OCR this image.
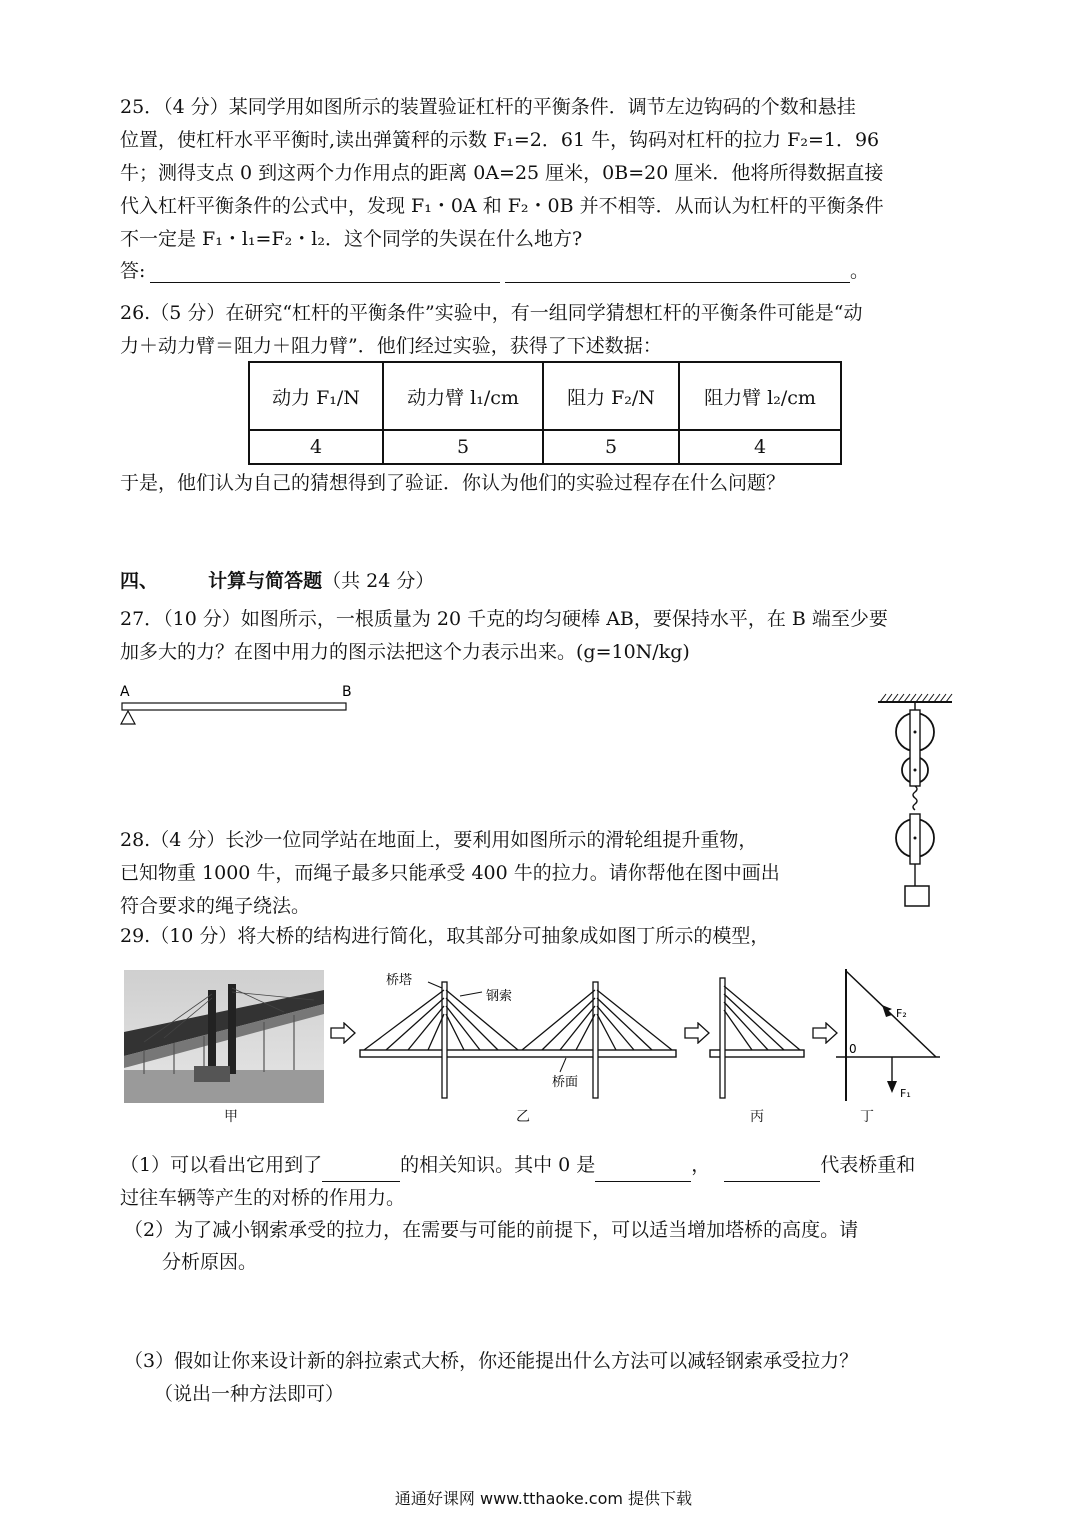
25．（4 分）某同学用如图所示的装置验证杠杆的平衡条件．调节左边钩码的个数和悬挂

位置，使杠杆水平平衡时,读出弹簧秤的示数 F₁=2．61 牛，钩码对杠杆的拉力 F₂=1．96

牛；测得支点 0 到这两个力作用点的距离 0A=25 厘米，0B=20 厘米．他将所得数据直接

代入杠杆平衡条件的公式中，发现 F₁・0A 和 F₂・0B 并不相等．从而认为杠杆的平衡条件

不一定是 F₁・l₁=F₂・l₂．这个同学的失误在什么地方?

答:	。

26.（5 分）在研究“杠杆的平衡条件”实验中，有一组同学猜想杠杆的平衡条件可能是“动

力＋动力臂＝阻力＋阻力臂”．他们经过实验，获得了下述数据：

动力 F₁/N	动力臂 l₁/cm	阻力 F₂/N	阻力臂 l₂/cm
4	5	5	4

于是，他们认为自己的猜想得到了验证．你认为他们的实验过程存在什么问题？

四、	计算与简答题（共 24 分）

27．（10 分）如图所示，一根质量为 20 千克的均匀硬棒 AB，要保持水平，在 B 端至少要

加多大的力？在图中用力的图示法把这个力表示出来。(g=10N/kg)

A	B

28.（4 分）长沙一位同学站在地面上，要利用如图所示的滑轮组提升重物，

已知物重 1000 牛，而绳子最多只能承受 400 牛的拉力。请你帮他在图中画出

符合要求的绳子绕法。

29.（10 分）将大桥的结构进行简化，取其部分可抽象成如图丁所示的模型，

甲
桥塔
钢索
桥面
乙	丙
F₂
0
F₁
丁

（1）可以看出它用到了	的相关知识。其中 0 是	，	代表桥重和

过往车辆等产生的对桥的作用力。

（2）为了减小钢索承受的拉力，在需要与可能的前提下，可以适当增加塔桥的高度。请

分析原因。

（3）假如让你来设计新的斜拉索式大桥，你还能提出什么方法可以减轻钢索承受拉力？

（说出一种方法即可）

通通好课网 www.tthaoke.com 提供下载
